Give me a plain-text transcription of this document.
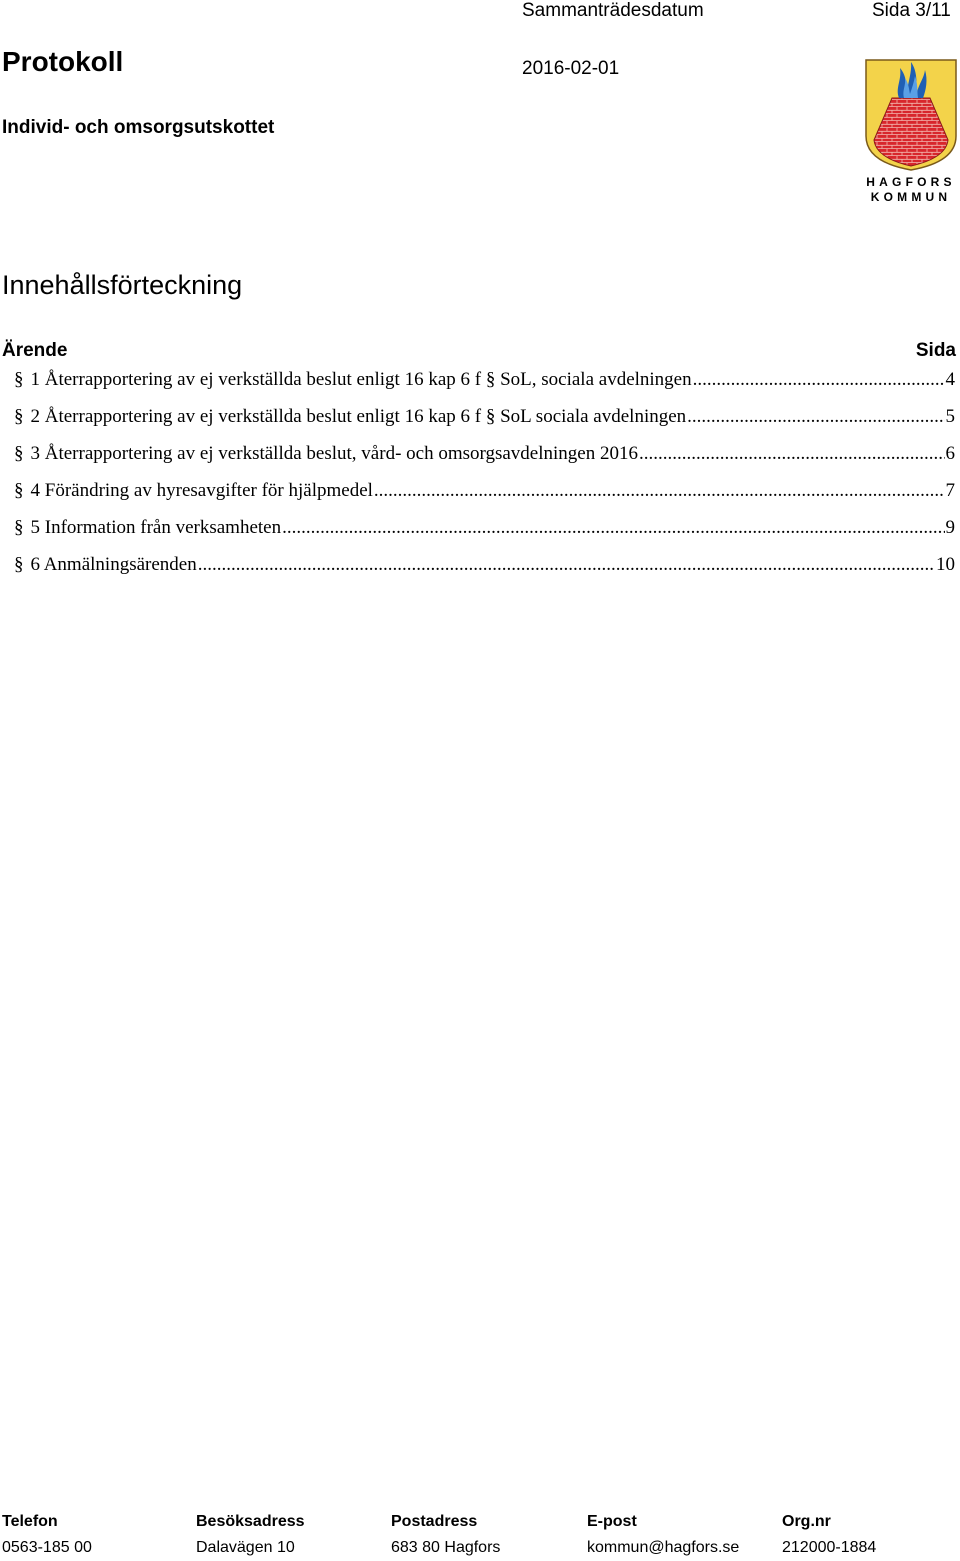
Sammanträdesdatum	Sida 3/11
Protokoll	2016-02-01
Individ- och omsorgsutskottet
HAGFORS
KOMMUN
Innehållsförteckning
Ärende	Sida
§ 1 Återrapportering av ej verkställda beslut enligt 16 kap 6 f § SoL, sociala avdelningen .....	4
§ 2 Återrapportering av ej verkställda beslut enligt 16 kap 6 f § SoL sociala avdelningen .....	5
§ 3 Återrapportering av ej verkställda beslut, vård- och omsorgsavdelningen 2016 .....	6
§ 4 Förändring av hyresavgifter för hjälpmedel .....	7
§ 5 Information från verksamheten .....	9
§ 6 Anmälningsärenden .....	10
Telefon
0563-185 00
Besöksadress
Dalavägen 10
Postadress
683 80 Hagfors
E-post
kommun@hagfors.se
Org.nr
212000-1884
